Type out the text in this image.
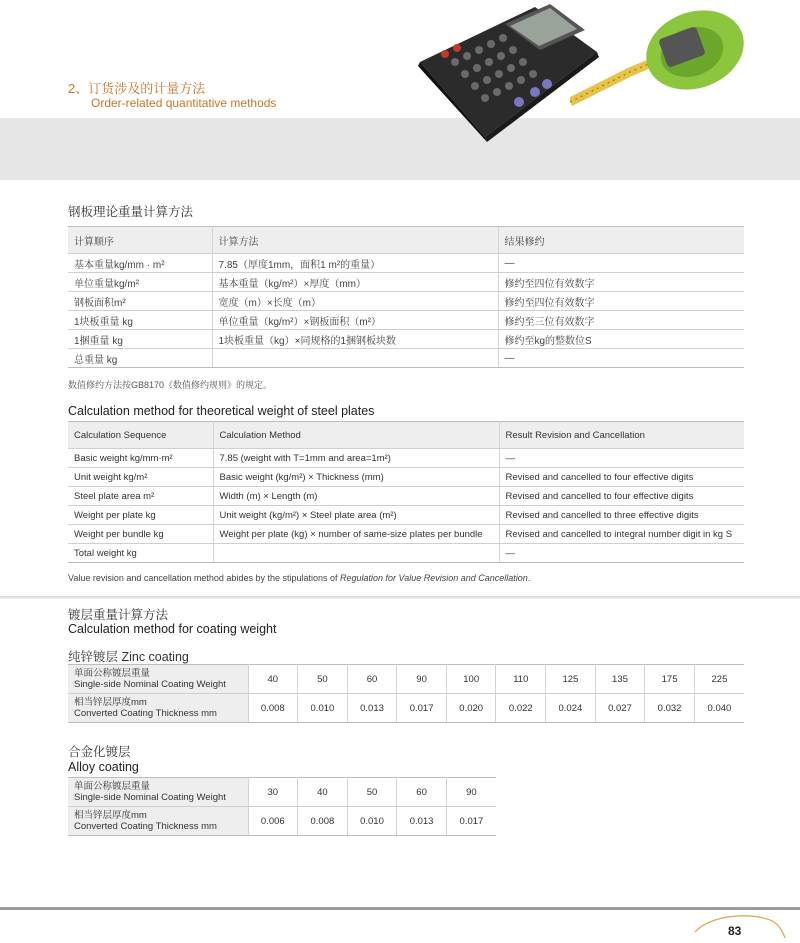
2、订货涉及的计量方法
Order-related quantitative methods
钢板理论重量计算方法
计算顺序	计算方法	结果修约
基本重量kg/mm · m²	7.85（厚度1mm，面积1 m²的重量）	—
单位重量kg/m²	基本重量（kg/m²）×厚度（mm）	修约至四位有效数字
钢板面积m²	宽度（m）×长度（m）	修约至四位有效数字
1块板重量 kg	单位重量（kg/m²）×钢板面积（m²）	修约至三位有效数字
1捆重量 kg	1块板重量（kg）×同规格的1捆钢板块数	修约至kg的整数位S
总重量 kg		—
数值修约方法按GB8170《数值修约规则》的规定。
Calculation method for theoretical weight of steel plates
Calculation Sequence	Calculation Method	Result Revision and Cancellation
Basic weight kg/mm·m²	7.85 (weight with T=1mm and area=1m²)	—
Unit weight kg/m²	Basic weight (kg/m²) × Thickness (mm)	Revised and cancelled to four effective digits
Steel plate area m²	Width (m) × Length (m)	Revised and cancelled to four effective digits
Weight per plate kg	Unit weight (kg/m²) × Steel plate area (m²)	Revised and cancelled to three effective digits
Weight per bundle kg	Weight per plate (kg) × number of same-size plates per bundle	Revised and cancelled to integral number digit in kg S
Total weight kg		—
Value revision and cancellation method abides by the stipulations of Regulation for Value Revision and Cancellation.
镀层重量计算方法
Calculation method for coating weight
纯锌镀层 Zinc coating
单面公称镀层重量
Single-side Nominal Coating Weight	40	50	60	90	100	110	125	135	175	225

相当锌层厚度mm
Converted Coating Thickness mm	0.008	0.010	0.013	0.017	0.020	0.022	0.024	0.027	0.032	0.040
合金化镀层
Alloy coating
单面公称镀层重量
Single-side Nominal Coating Weight	30	40	50	60	90

相当锌层厚度mm
Converted Coating Thickness mm	0.006	0.008	0.010	0.013	0.017
83
